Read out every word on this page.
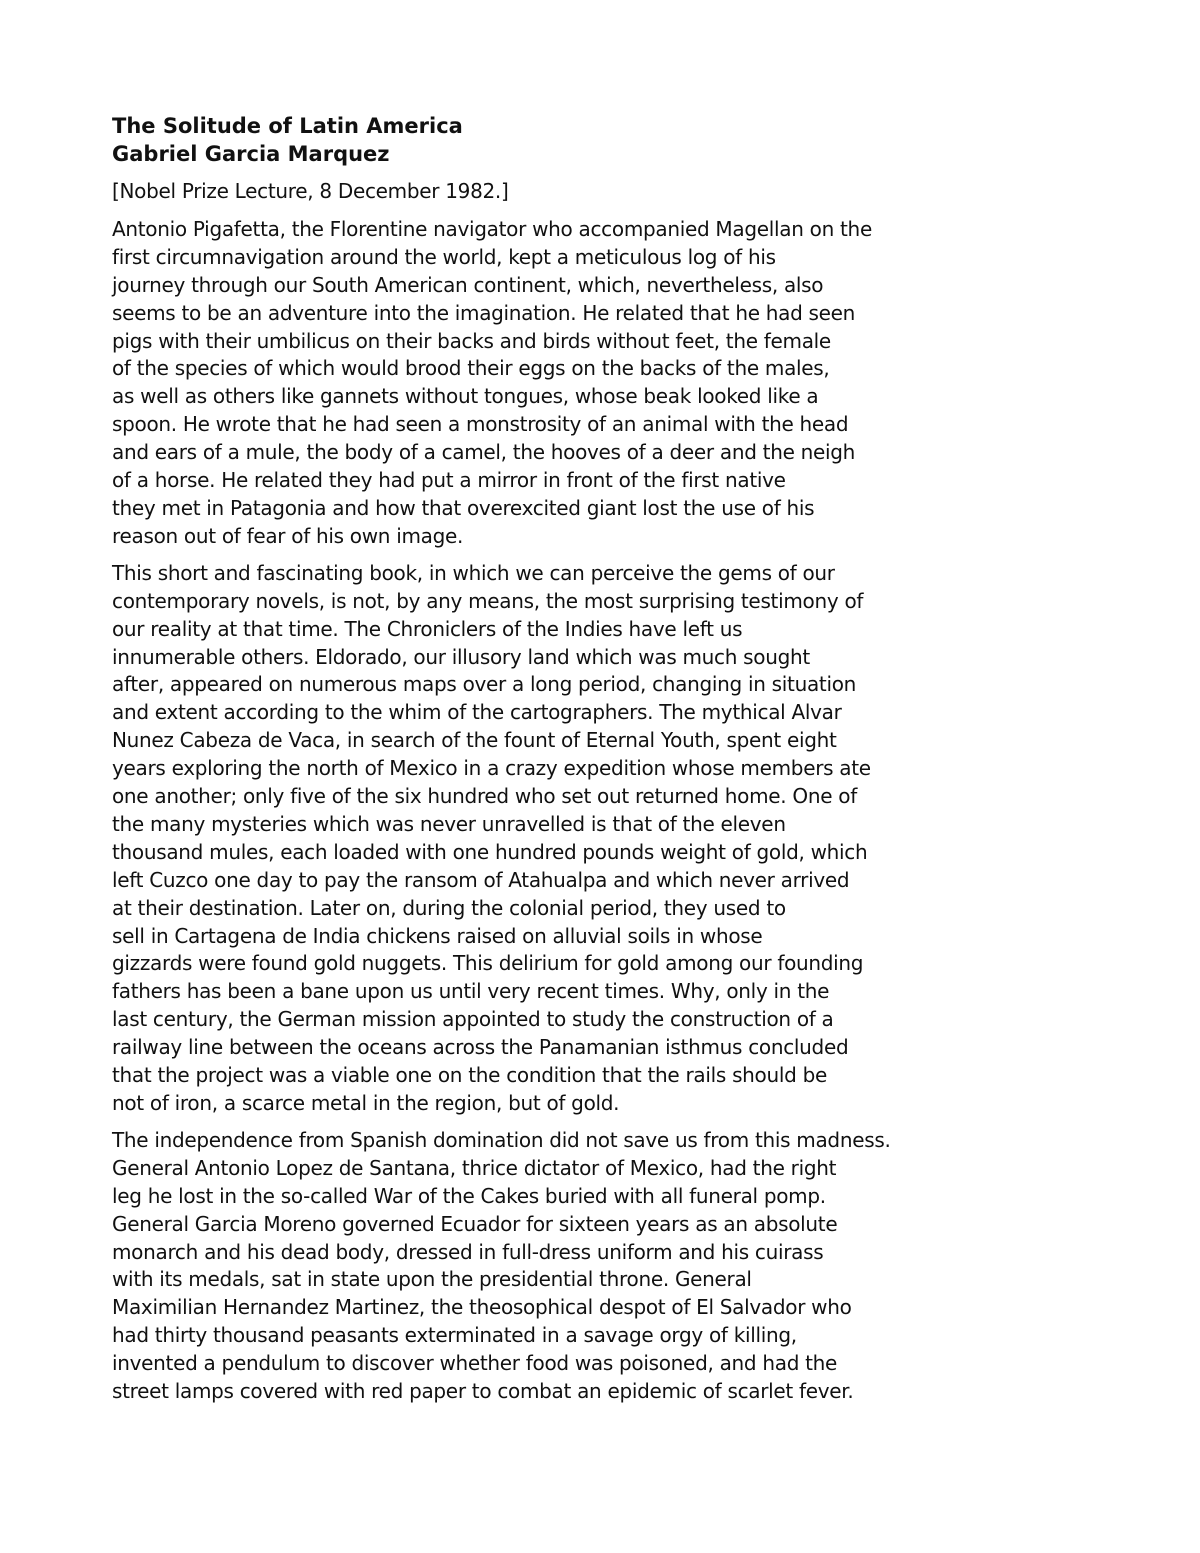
The Solitude of Latin America
Gabriel Garcia Marquez
[Nobel Prize Lecture, 8 December 1982.]
Antonio Pigafetta, the Florentine navigator who accompanied Magellan on the
first circumnavigation around the world, kept a meticulous log of his
journey through our South American continent, which, nevertheless, also
seems to be an adventure into the imagination. He related that he had seen
pigs with their umbilicus on their backs and birds without feet, the female
of the species of which would brood their eggs on the backs of the males,
as well as others like gannets without tongues, whose beak looked like a
spoon. He wrote that he had seen a monstrosity of an animal with the head
and ears of a mule, the body of a camel, the hooves of a deer and the neigh
of a horse. He related they had put a mirror in front of the first native
they met in Patagonia and how that overexcited giant lost the use of his
reason out of fear of his own image.
This short and fascinating book, in which we can perceive the gems of our
contemporary novels, is not, by any means, the most surprising testimony of
our reality at that time. The Chroniclers of the Indies have left us
innumerable others. Eldorado, our illusory land which was much sought
after, appeared on numerous maps over a long period, changing in situation
and extent according to the whim of the cartographers. The mythical Alvar
Nunez Cabeza de Vaca, in search of the fount of Eternal Youth, spent eight
years exploring the north of Mexico in a crazy expedition whose members ate
one another; only five of the six hundred who set out returned home. One of
the many mysteries which was never unravelled is that of the eleven
thousand mules, each loaded with one hundred pounds weight of gold, which
left Cuzco one day to pay the ransom of Atahualpa and which never arrived
at their destination. Later on, during the colonial period, they used to
sell in Cartagena de India chickens raised on alluvial soils in whose
gizzards were found gold nuggets. This delirium for gold among our founding
fathers has been a bane upon us until very recent times. Why, only in the
last century, the German mission appointed to study the construction of a
railway line between the oceans across the Panamanian isthmus concluded
that the project was a viable one on the condition that the rails should be
not of iron, a scarce metal in the region, but of gold.
The independence from Spanish domination did not save us from this madness.
General Antonio Lopez de Santana, thrice dictator of Mexico, had the right
leg he lost in the so-called War of the Cakes buried with all funeral pomp.
General Garcia Moreno governed Ecuador for sixteen years as an absolute
monarch and his dead body, dressed in full-dress uniform and his cuirass
with its medals, sat in state upon the presidential throne. General
Maximilian Hernandez Martinez, the theosophical despot of El Salvador who
had thirty thousand peasants exterminated in a savage orgy of killing,
invented a pendulum to discover whether food was poisoned, and had the
street lamps covered with red paper to combat an epidemic of scarlet fever.
